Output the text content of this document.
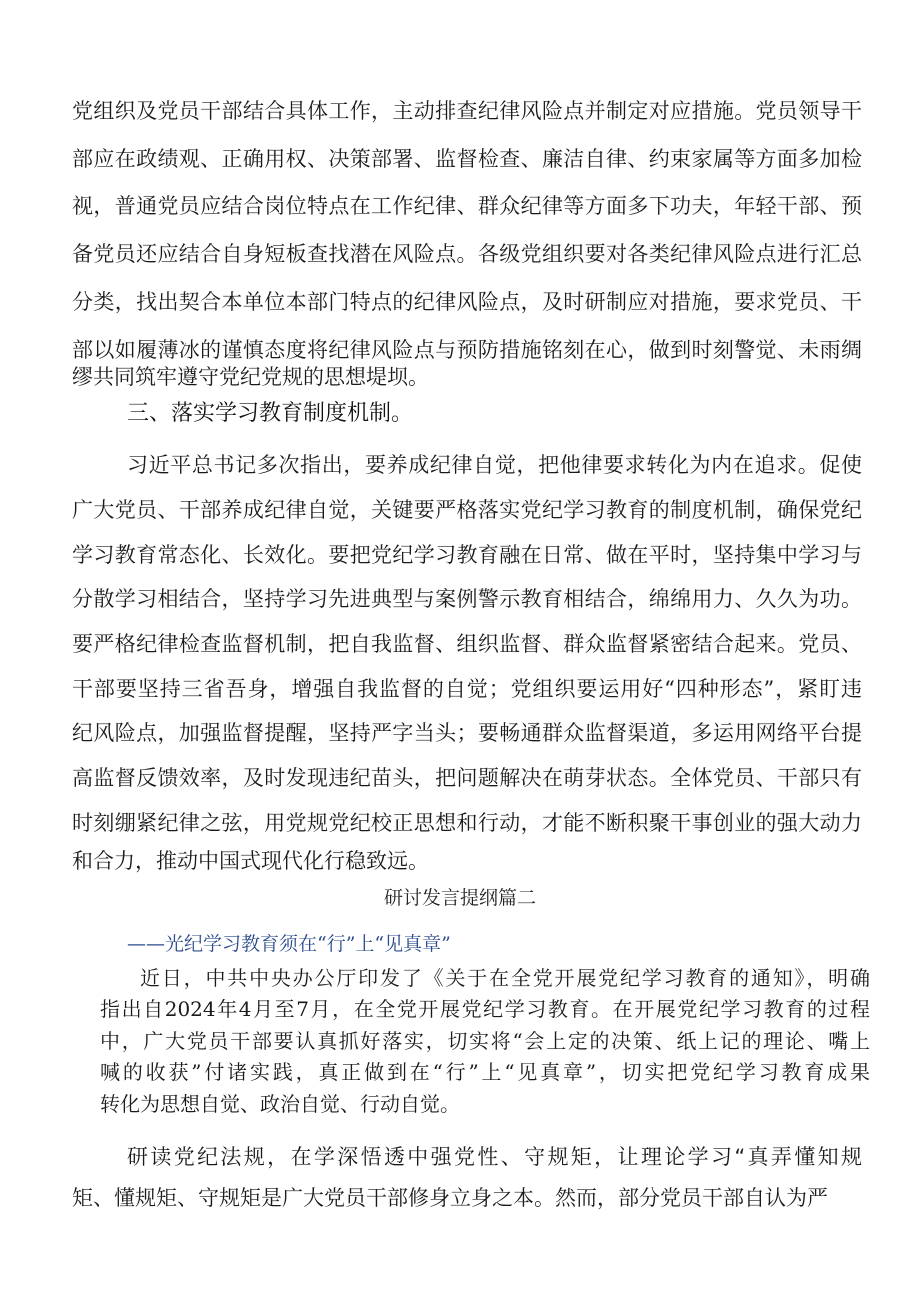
党组织及党员干部结合具体工作，主动排查纪律风险点并制定对应措施。党员领导干
部应在政绩观、正确用权、决策部署、监督检查、廉洁自律、约束家属等方面多加检
视，普通党员应结合岗位特点在工作纪律、群众纪律等方面多下功夫，年轻干部、预
备党员还应结合自身短板查找潜在风险点。各级党组织要对各类纪律风险点进行汇总
分类，找出契合本单位本部门特点的纪律风险点，及时研制应对措施，要求党员、干
部以如履薄冰的谨慎态度将纪律风险点与预防措施铭刻在心，做到时刻警觉、未雨绸
缪共同筑牢遵守党纪党规的思想堤坝。
三、落实学习教育制度机制。
习近平总书记多次指出，要养成纪律自觉，把他律要求转化为内在追求。促使
广大党员、干部养成纪律自觉，关键要严格落实党纪学习教育的制度机制，确保党纪
学习教育常态化、长效化。要把党纪学习教育融在日常、做在平时，坚持集中学习与
分散学习相结合，坚持学习先进典型与案例警示教育相结合，绵绵用力、久久为功。
要严格纪律检查监督机制，把自我监督、组织监督、群众监督紧密结合起来。党员、
干部要坚持三省吾身，增强自我监督的自觉；党组织要运用好“四种形态”，紧盯违
纪风险点，加强监督提醒，坚持严字当头；要畅通群众监督渠道，多运用网络平台提
高监督反馈效率，及时发现违纪苗头，把问题解决在萌芽状态。全体党员、干部只有
时刻绷紧纪律之弦，用党规党纪校正思想和行动，才能不断积聚干事创业的强大动力
和合力，推动中国式现代化行稳致远。
研讨发言提纲篇二
——光纪学习教育须在“行”上“见真章”
近日，中共中央办公厅印发了《关于在全党开展党纪学习教育的通知》，明确
指出自2024年4月至7月，在全党开展党纪学习教育。在开展党纪学习教育的过程
中，广大党员干部要认真抓好落实，切实将“会上定的决策、纸上记的理论、嘴上
喊的收获”付诸实践，真正做到在“行”上“见真章”，切实把党纪学习教育成果
转化为思想自觉、政治自觉、行动自觉。
研读党纪法规，在学深悟透中强党性、守规矩，让理论学习“真弄懂知规
矩、懂规矩、守规矩是广大党员干部修身立身之本。然而，部分党员干部自认为严
